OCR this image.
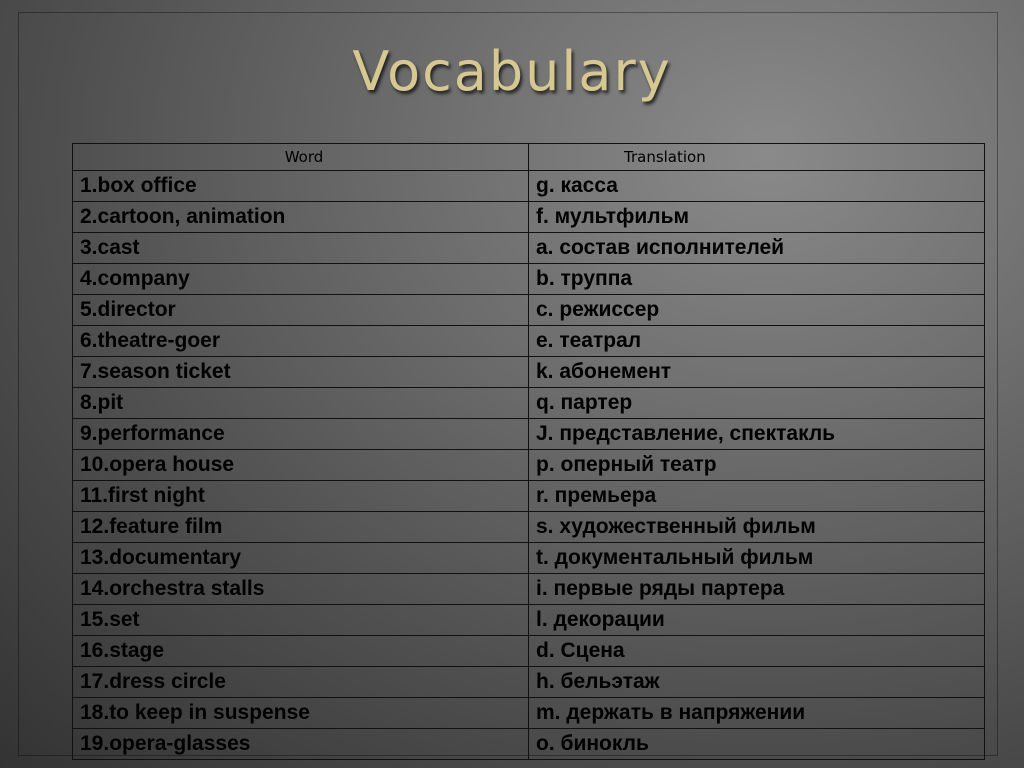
Vocabulary
Word	Translation
1.box office	g. касса
2.cartoon, animation	f. мультфильм
3.cast	a. состав исполнителей
4.company	b. труппа
5.director	c. режиссер
6.theatre-goer	e. театрал
7.season ticket	k. абонемент
8.pit	q. партер
9.performance	J. представление, спектакль
10.opera house	p. оперный театр
11.first night	r. премьера
12.feature film	s. художественный фильм
13.documentary	t. документальный фильм
14.orchestra stalls	i. первые ряды партера
15.set	l. декорации
16.stage	d. Сцена
17.dress circle	h. бельэтаж
18.to keep in suspense	m. держать в напряжении
19.opera-glasses	o. бинокль
